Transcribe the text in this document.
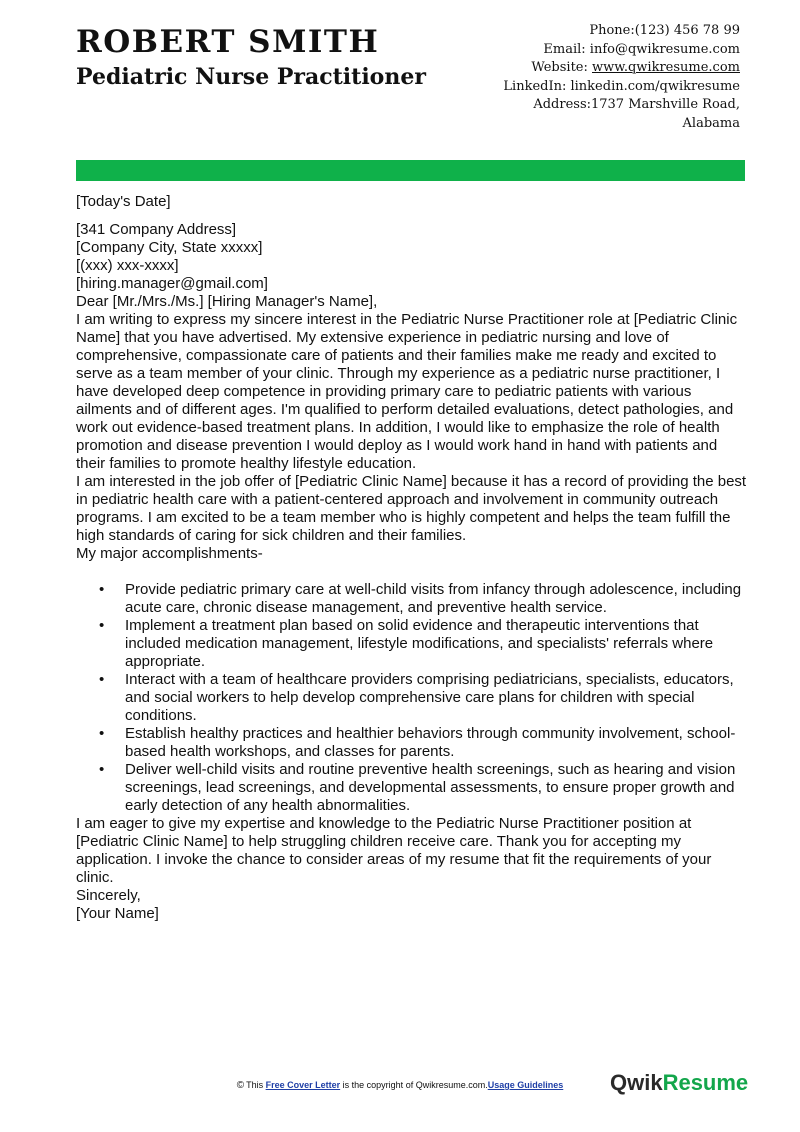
ROBERT SMITH
Pediatric Nurse Practitioner
Phone:(123) 456 78 99
Email: info@qwikresume.com
Website: www.qwikresume.com
LinkedIn: linkedin.com/qwikresume
Address:1737 Marshville Road,
Alabama

[Today's Date]

[341 Company Address]

[Company City, State xxxxx]

[(xxx) xxx-xxxx]

[hiring.manager@gmail.com]

Dear [Mr./Mrs./Ms.] [Hiring Manager's Name],

I am writing to express my sincere interest in the Pediatric Nurse Practitioner role at [Pediatric Clinic Name] that you have advertised. My extensive experience in pediatric nursing and love of comprehensive, compassionate care of patients and their families make me ready and excited to serve as a team member of your clinic. Through my experience as a pediatric nurse practitioner, I have developed deep competence in providing primary care to pediatric patients with various ailments and of different ages. I'm qualified to perform detailed evaluations, detect pathologies, and work out evidence-based treatment plans. In addition, I would like to emphasize the role of health promotion and disease prevention I would deploy as I would work hand in hand with patients and their families to promote healthy lifestyle education.

I am interested in the job offer of [Pediatric Clinic Name] because it has a record of providing the best in pediatric health care with a patient-centered approach and involvement in community outreach programs. I am excited to be a team member who is highly competent and helps the team fulfill the high standards of caring for sick children and their families.

My major accomplishments-

• Provide pediatric primary care at well-child visits from infancy through adolescence, including acute care, chronic disease management, and preventive health service.
• Implement a treatment plan based on solid evidence and therapeutic interventions that included medication management, lifestyle modifications, and specialists' referrals where appropriate.
• Interact with a team of healthcare providers comprising pediatricians, specialists, educators, and social workers to help develop comprehensive care plans for children with special conditions.
• Establish healthy practices and healthier behaviors through community involvement, school-based health workshops, and classes for parents.
• Deliver well-child visits and routine preventive health screenings, such as hearing and vision screenings, lead screenings, and developmental assessments, to ensure proper growth and early detection of any health abnormalities.

I am eager to give my expertise and knowledge to the Pediatric Nurse Practitioner position at [Pediatric Clinic Name] to help struggling children receive care. Thank you for accepting my application. I invoke the chance to consider areas of my resume that fit the requirements of your clinic.

Sincerely,

[Your Name]

© This Free Cover Letter is the copyright of Qwikresume.com.Usage Guidelines	QwikResume
